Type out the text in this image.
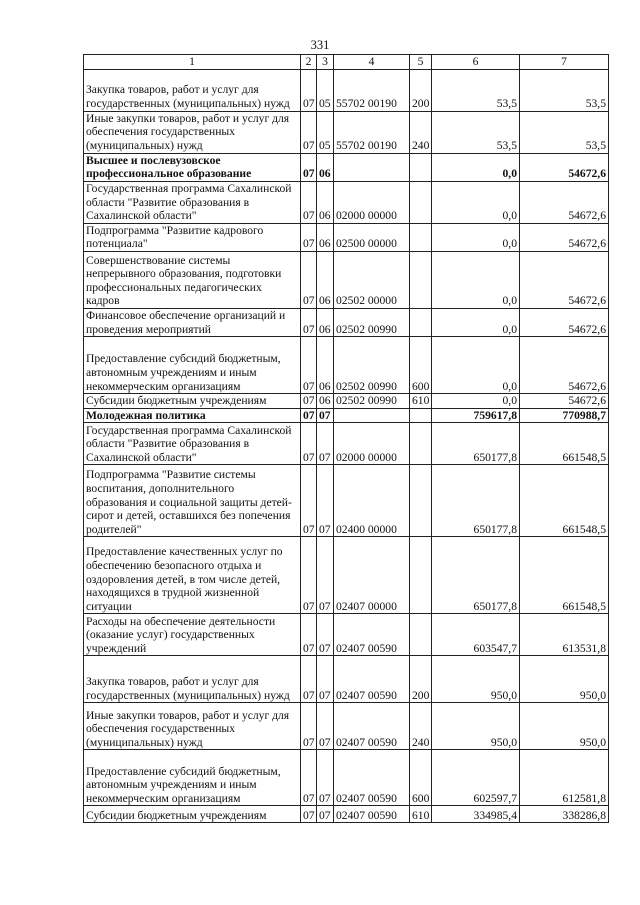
331
1	2	3	4	5	6	7
Закупка товаров, работ и услуг для государственных (муниципальных) нужд	07	05	55702 00190	200	53,5	53,5
Иные закупки товаров, работ и услуг для обеспечения государственных (муниципальных) нужд	07	05	55702 00190	240	53,5	53,5
Высшее и послевузовское профессиональное образование	07	06			0,0	54672,6
Государственная программа Сахалинской области "Развитие образования в Сахалинской области"	07	06	02000 00000		0,0	54672,6
Подпрограмма "Развитие кадрового потенциала"	07	06	02500 00000		0,0	54672,6
Совершенствование системы непрерывного образования, подготовки профессиональных педагогических кадров	07	06	02502 00000		0,0	54672,6
Финансовое обеспечение организаций и проведения мероприятий	07	06	02502 00990		0,0	54672,6
Предоставление субсидий бюджетным, автономным учреждениям и иным некоммерческим организациям	07	06	02502 00990	600	0,0	54672,6
Субсидии бюджетным учреждениям	07	06	02502 00990	610	0,0	54672,6
Молодежная политика	07	07			759617,8	770988,7
Государственная программа Сахалинской области "Развитие образования в Сахалинской области"	07	07	02000 00000		650177,8	661548,5
Подпрограмма "Развитие системы воспитания, дополнительного образования и социальной защиты детей-сирот и детей, оставшихся без попечения родителей"	07	07	02400 00000		650177,8	661548,5
Предоставление качественных услуг по обеспечению безопасного отдыха и оздоровления детей, в том числе детей, находящихся в трудной жизненной ситуации	07	07	02407 00000		650177,8	661548,5
Расходы на обеспечение деятельности (оказание услуг) государственных учреждений	07	07	02407 00590		603547,7	613531,8
Закупка товаров, работ и услуг для государственных (муниципальных) нужд	07	07	02407 00590	200	950,0	950,0
Иные закупки товаров, работ и услуг для обеспечения государственных (муниципальных) нужд	07	07	02407 00590	240	950,0	950,0
Предоставление субсидий бюджетным, автономным учреждениям и иным некоммерческим организациям	07	07	02407 00590	600	602597,7	612581,8
Субсидии бюджетным учреждениям	07	07	02407 00590	610	334985,4	338286,8
